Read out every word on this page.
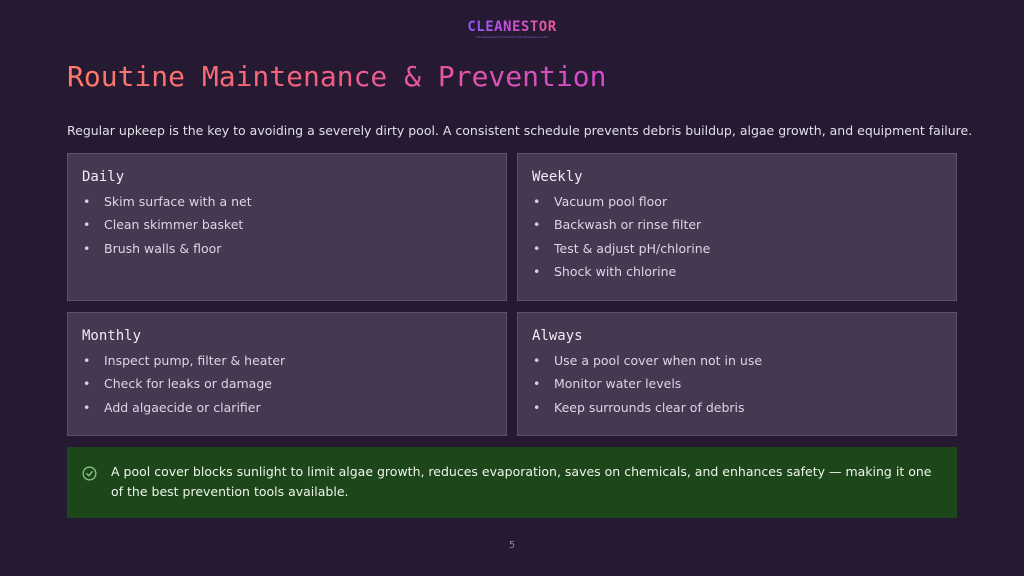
CLEANESTOR
The Cleaning Service Directory & Pool Maintenance Guide
Routine Maintenance & Prevention

Regular upkeep is the key to avoiding a severely dirty pool. A consistent schedule prevents debris buildup, algae growth, and equipment failure.

Daily
• Skim surface with a net
• Clean skimmer basket
• Brush walls & floor
Weekly
• Vacuum pool floor
• Backwash or rinse filter
• Test & adjust pH/chlorine
• Shock with chlorine
Monthly
• Inspect pump, filter & heater
• Check for leaks or damage
• Add algaecide or clarifier
Always
• Use a pool cover when not in use
• Monitor water levels
• Keep surrounds clear of debris

A pool cover blocks sunlight to limit algae growth, reduces evaporation, saves on chemicals, and enhances safety — making it one of the best prevention tools available.

5
